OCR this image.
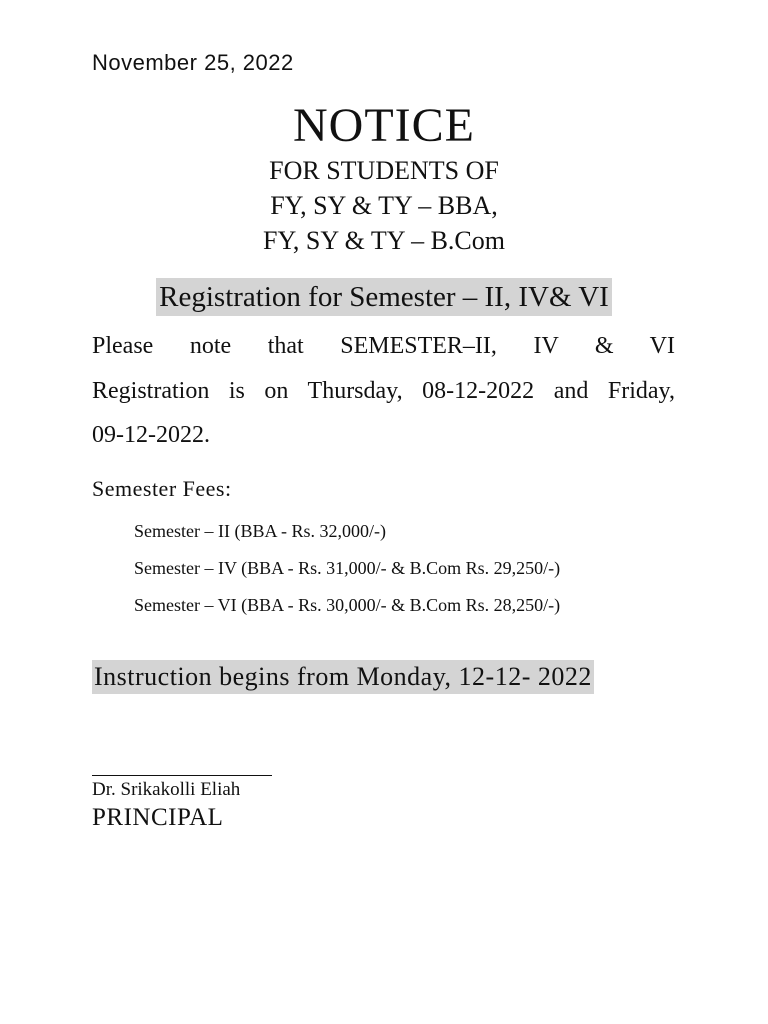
November 25, 2022
NOTICE
FOR STUDENTS OF
FY, SY & TY – BBA,
FY, SY & TY – B.Com
Registration for Semester – II, IV& VI
Please note that SEMESTER–II, IV & VI
Registration is on Thursday, 08-12-2022 and Friday,
09-12-2022.
Semester Fees:
Semester – II (BBA - Rs. 32,000/-)
Semester – IV (BBA - Rs. 31,000/- & B.Com Rs. 29,250/-)
Semester – VI (BBA - Rs. 30,000/- & B.Com Rs. 28,250/-)
Instruction begins from Monday, 12-12- 2022
Dr. Srikakolli Eliah
PRINCIPAL
